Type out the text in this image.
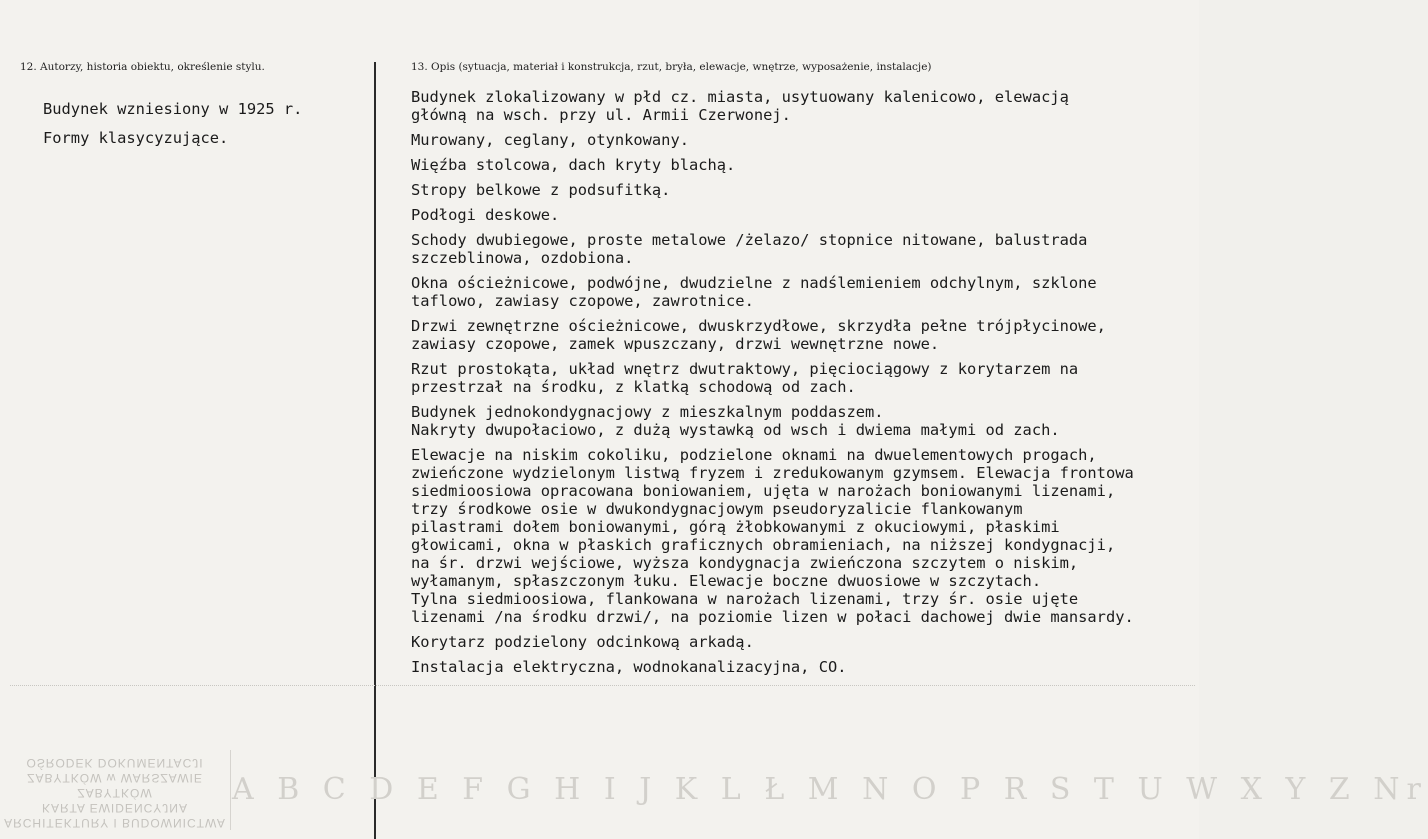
ARCHITEKTURY I BUDOWNICTWA
KARTA EWIDENCYJNA ZABYTKÓW
ZABYTKÓW w WARSZAWIE
OŚRODEK DOKUMENTACJI
A B C D E F G H I J K L Ł M N O P R S T U W X Y Z Nr
12. Autorzy, historia obiektu, określenie stylu.	13. Opis (sytuacja, materiał i konstrukcja, rzut, bryła, elewacje, wnętrze, wyposażenie, instalacje)

Budynek wzniesiony w 1925 r.

Formy klasycyzujące.

Budynek zlokalizowany w płd cz. miasta, usytuowany kalenicowo, elewacją
główną na wsch. przy ul. Armii Czerwonej.

Murowany, ceglany, otynkowany.

Więźba stolcowa, dach kryty blachą.

Stropy belkowe z podsufitką.

Podłogi deskowe.

Schody dwubiegowe, proste metalowe /żelazo/ stopnice nitowane, balustrada
szczeblinowa, ozdobiona.

Okna ościeżnicowe, podwójne, dwudzielne z nadślemieniem odchylnym, szklone
taflowo, zawiasy czopowe, zawrotnice.

Drzwi zewnętrzne ościeżnicowe, dwuskrzydłowe, skrzydła pełne trójpłycinowe,
zawiasy czopowe, zamek wpuszczany, drzwi wewnętrzne nowe.

Rzut prostokąta, układ wnętrz dwutraktowy, pięciociągowy z korytarzem na
przestrzał na środku, z klatką schodową od zach.

Budynek jednokondygnacjowy z mieszkalnym poddaszem.

Nakryty dwupołaciowo, z dużą wystawką od wsch i dwiema małymi od zach.

Elewacje na niskim cokoliku, podzielone oknami na dwuelementowych progach,
zwieńczone wydzielonym listwą fryzem i zredukowanym gzymsem. Elewacja frontowa
siedmioosiowa opracowana boniowaniem, ujęta w narożach boniowanymi lizenami,
trzy środkowe osie w dwukondygnacjowym pseudoryzalicie flankowanym
pilastrami dołem boniowanymi, górą żłobkowanymi z okuciowymi, płaskimi
głowicami, okna w płaskich graficznych obramieniach, na niższej kondygnacji,
na śr. drzwi wejściowe, wyższa kondygnacja zwieńczona szczytem o niskim,
wyłamanym, spłaszczonym łuku. Elewacje boczne dwuosiowe w szczytach.
Tylna siedmioosiowa, flankowana w narożach lizenami, trzy śr. osie ujęte
lizenami /na środku drzwi/, na poziomie lizen w połaci dachowej dwie mansardy.

Korytarz podzielony odcinkową arkadą.

Instalacja elektryczna, wodnokanalizacyjna, CO.
